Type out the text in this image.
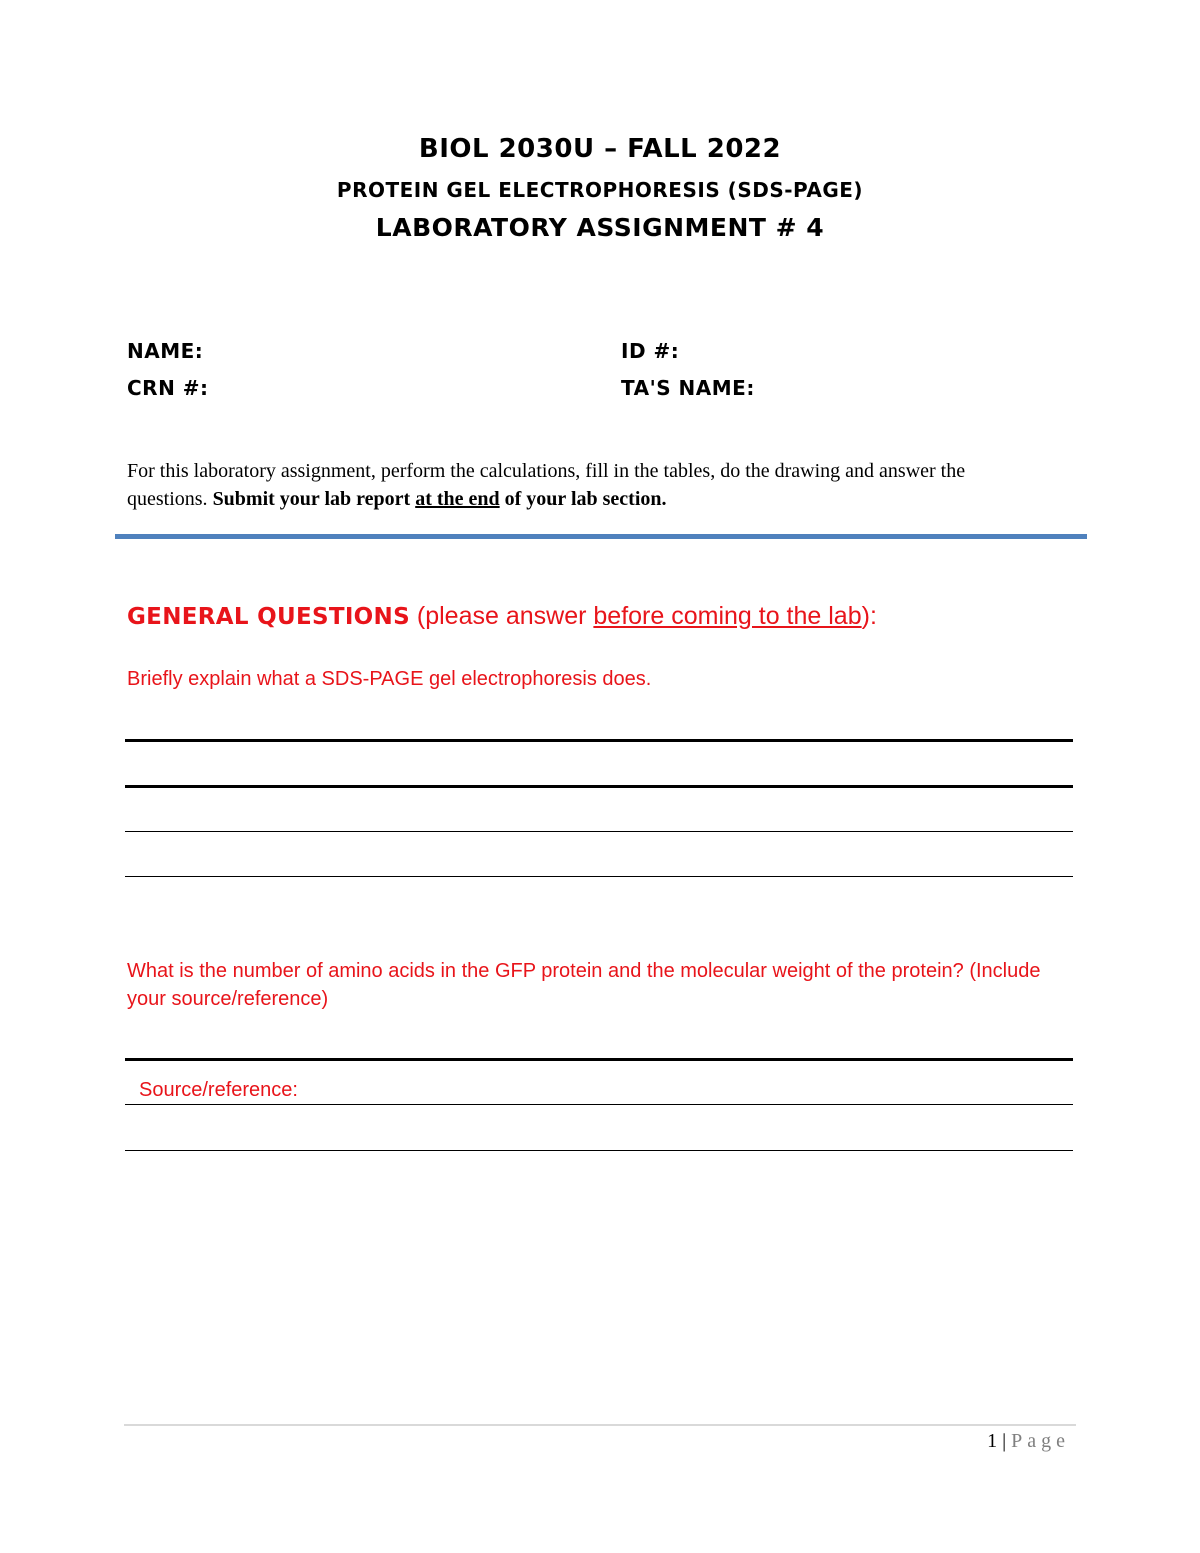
BIOL 2030U – FALL 2022
PROTEIN GEL ELECTROPHORESIS (SDS-PAGE)
LABORATORY ASSIGNMENT # 4
NAME:	ID #:
CRN #:	TA'S NAME:
For this laboratory assignment, perform the calculations, fill in the tables, do the drawing and answer the questions. Submit your lab report at the end of your lab section.
GENERAL QUESTIONS (please answer before coming to the lab):
Briefly explain what a SDS-PAGE gel electrophoresis does.
What is the number of amino acids in the GFP protein and the molecular weight of the protein? (Include your source/reference)
Source/reference:
1 | Page
